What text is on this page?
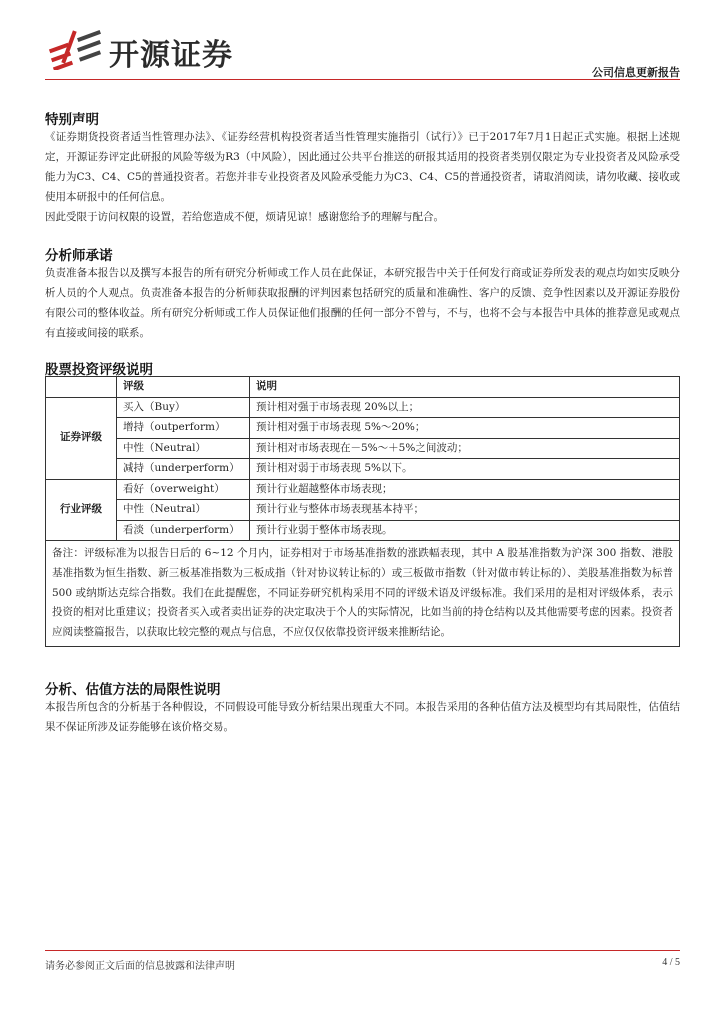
开源证券	公司信息更新报告
特别声明

《证券期货投资者适当性管理办法》、《证券经营机构投资者适当性管理实施指引（试行）》已于2017年7月1日起正式实施。根据上述规定，开源证券评定此研报的风险等级为R3（中风险），因此通过公共平台推送的研报其适用的投资者类别仅限定为专业投资者及风险承受能力为C3、C4、C5的普通投资者。若您并非专业投资者及风险承受能力为C3、C4、C5的普通投资者，请取消阅读，请勿收藏、接收或使用本研报中的任何信息。

因此受限于访问权限的设置，若给您造成不便，烦请见谅！感谢您给予的理解与配合。

分析师承诺

负责准备本报告以及撰写本报告的所有研究分析师或工作人员在此保证，本研究报告中关于任何发行商或证券所发表的观点均如实反映分析人员的个人观点。负责准备本报告的分析师获取报酬的评判因素包括研究的质量和准确性、客户的反馈、竞争性因素以及开源证券股份有限公司的整体收益。所有研究分析师或工作人员保证他们报酬的任何一部分不曾与，不与，也将不会与本报告中具体的推荐意见或观点有直接或间接的联系。

股票投资评级说明
	评级	说明
证券评级	买入（Buy）	预计相对强于市场表现 20%以上；
	增持（outperform）	预计相对强于市场表现 5%～20%；
	中性（Neutral）	预计相对市场表现在－5%～＋5%之间波动；
	减持（underperform）	预计相对弱于市场表现 5%以下。
行业评级	看好（overweight）	预计行业超越整体市场表现；
	中性（Neutral）	预计行业与整体市场表现基本持平；
	看淡（underperform）	预计行业弱于整体市场表现。
备注：评级标准为以报告日后的 6~12 个月内，证券相对于市场基准指数的涨跌幅表现，其中 A 股基准指数为沪深 300 指数、港股基准指数为恒生指数、新三板基准指数为三板成指（针对协议转让标的）或三板做市指数（针对做市转让标的）、美股基准指数为标普 500 或纳斯达克综合指数。我们在此提醒您，不同证券研究机构采用不同的评级术语及评级标准。我们采用的是相对评级体系，表示投资的相对比重建议；投资者买入或者卖出证券的决定取决于个人的实际情况，比如当前的持仓结构以及其他需要考虑的因素。投资者应阅读整篇报告，以获取比较完整的观点与信息，不应仅仅依靠投资评级来推断结论。		
分析、估值方法的局限性说明

本报告所包含的分析基于各种假设，不同假设可能导致分析结果出现重大不同。本报告采用的各种估值方法及模型均有其局限性，估值结果不保证所涉及证券能够在该价格交易。

请务必参阅正文后面的信息披露和法律声明	4 / 5
